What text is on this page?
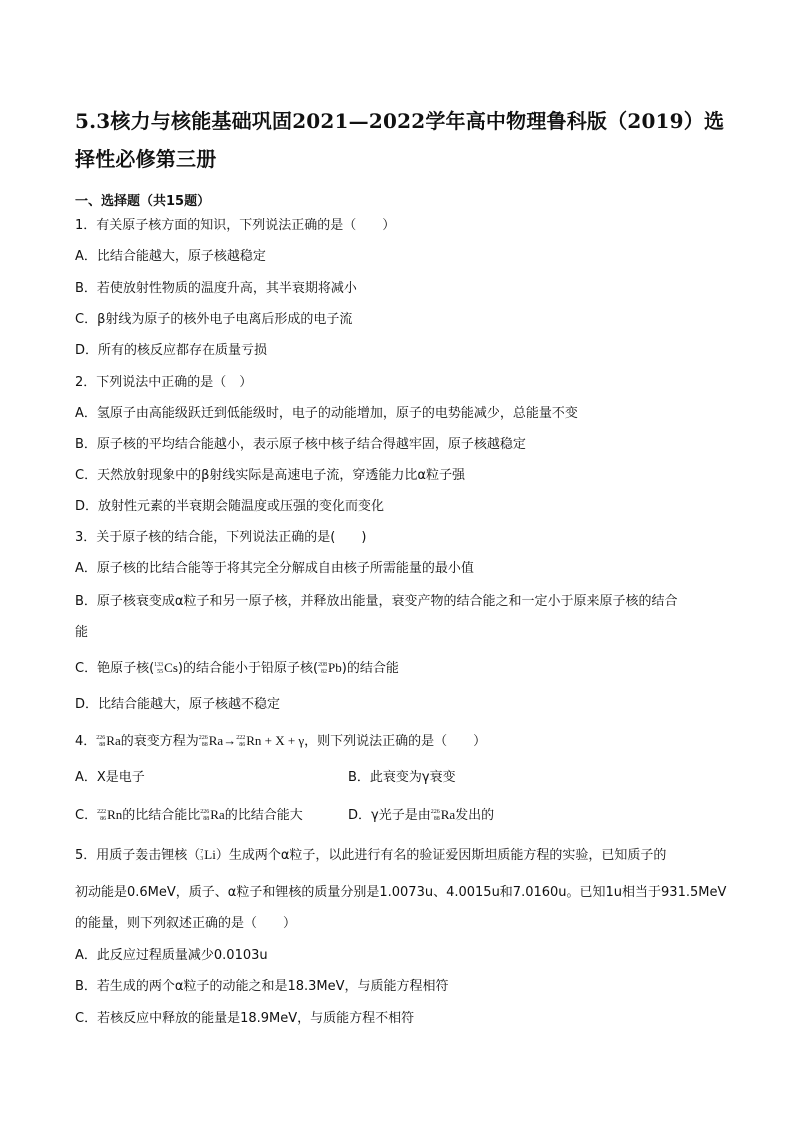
5.3核力与核能基础巩固2021—2022学年高中物理鲁科版（2019）选择性必修第三册
一、选择题（共15题）
1．有关原子核方面的知识，下列说法正确的是（　　）
A．比结合能越大，原子核越稳定
B．若使放射性物质的温度升高，其半衰期将减小
C．β射线为原子的核外电子电离后形成的电子流
D．所有的核反应都存在质量亏损
2．下列说法中正确的是（　）
A．氢原子由高能级跃迁到低能级时，电子的动能增加，原子的电势能减少，总能量不变
B．原子核的平均结合能越小，表示原子核中核子结合得越牢固，原子核越稳定
C．天然放射现象中的β射线实际是高速电子流，穿透能力比α粒子强
D．放射性元素的半衰期会随温度或压强的变化而变化
3．关于原子核的结合能，下列说法正确的是(　　)
A．原子核的比结合能等于将其完全分解成自由核子所需能量的最小值
B．原子核衰变成α粒子和另一原子核，并释放出能量，衰变产物的结合能之和一定小于原来原子核的结合
能
C．铯原子核( 133
55 Cs)的结合能小于铅原子核( 208
82 Pb)的结合能
D．比结合能越大，原子核越不稳定
4． 226
88 Ra的衰变方程为 226
88 Ra→ 222
86 Rn + X + γ，则下列说法正确的是（　　）
A．X是电子	B．此衰变为γ衰变
C． 222
86 Rn的比结合能比 226
88 Ra的比结合能大	D．γ光子是由 226
88 Ra发出的
5．用质子轰击锂核（ 7
3 Li）生成两个α粒子，以此进行有名的验证爱因斯坦质能方程的实验，已知质子的
初动能是0.6MeV，质子、α粒子和锂核的质量分别是1.0073u、4.0015u和7.0160u。已知1u相当于931.5MeV
的能量，则下列叙述正确的是（　　）
A．此反应过程质量减少0.0103u
B．若生成的两个α粒子的动能之和是18.3MeV，与质能方程相符
C．若核反应中释放的能量是18.9MeV，与质能方程不相符
